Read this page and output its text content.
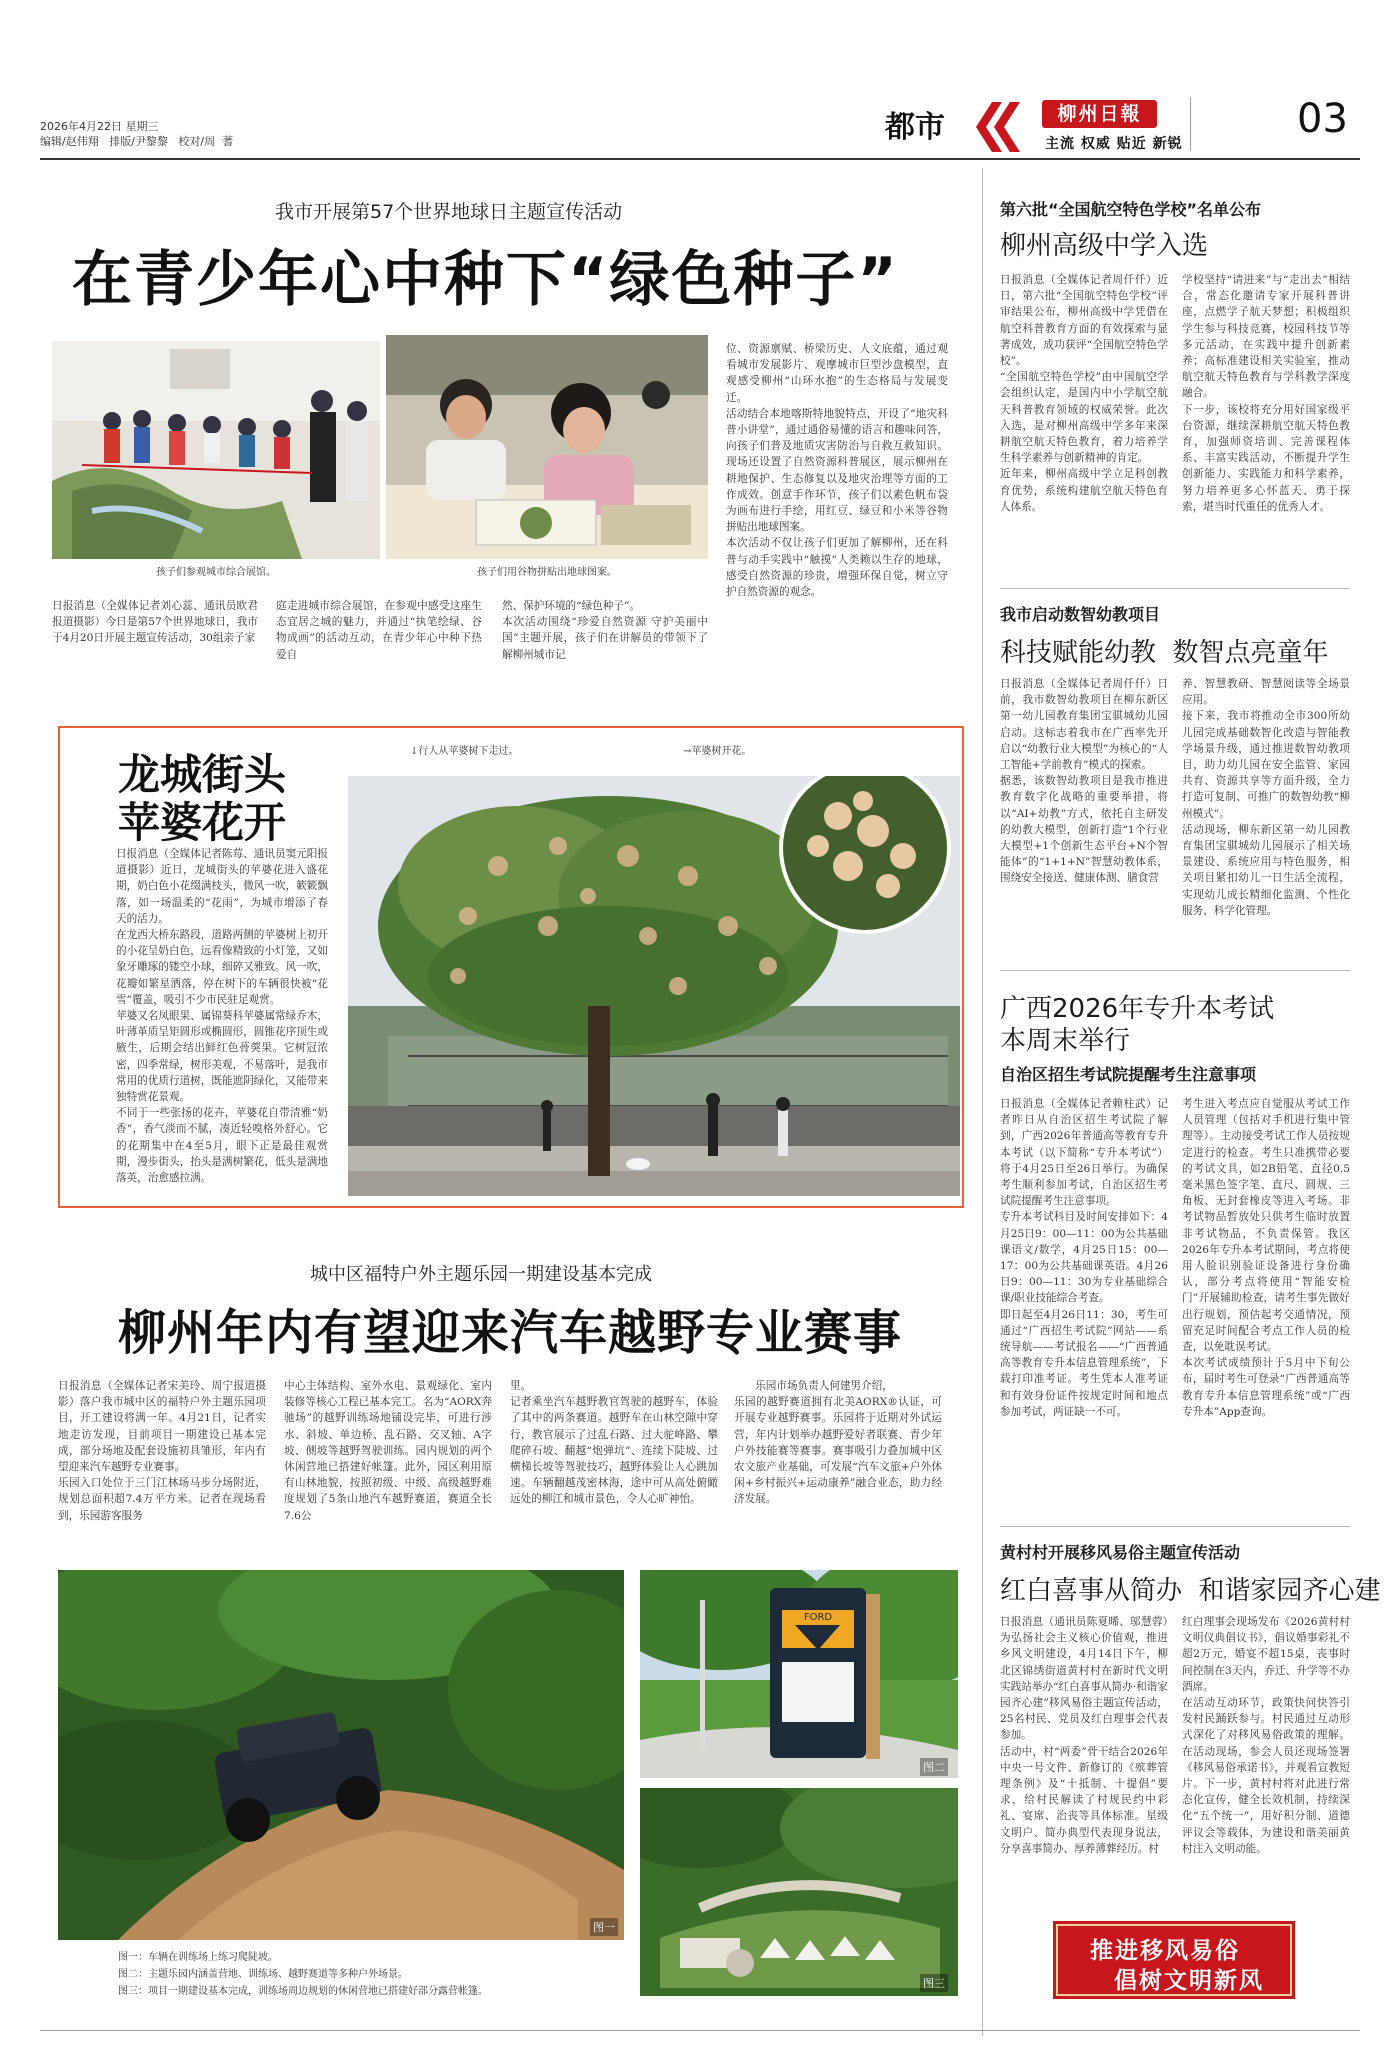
2026年4月22日 星期三
编辑/赵伟翔   排版/尹黎黎   校对/周  蓍	都市	柳州日報
主流 权威 贴近 新锐
03
我市开展第57个世界地球日主题宣传活动
在青少年心中种下“绿色种子”
孩子们参观城市综合展馆。	孩子们用谷物拼贴出地球图案。
日报消息（全媒体记者刘心蕊、通讯员欧君报道摄影）今日是第57个世界地球日，我市于4月20日开展主题宣传活动，30组亲子家
庭走进城市综合展馆，在参观中感受这座生态宜居之城的魅力，并通过“执笔绘绿、谷物成画”的活动互动，在青少年心中种下热爱自
然、保护环境的“绿色种子”。
本次活动围绕“珍爱自然资源 守护美丽中国”主题开展，孩子们在讲解员的带领下了解柳州城市记
位、资源禀赋、桥梁历史、人文底蕴，通过观看城市发展影片、观摩城市巨型沙盘模型，直观感受柳州“山环水抱”的生态格局与发展变迁。
活动结合本地喀斯特地貌特点，开设了“地灾科普小讲堂”，通过通俗易懂的语言和趣味问答，向孩子们普及地质灾害防治与自救互救知识。现场还设置了自然资源科普展区，展示柳州在耕地保护、生态修复以及地灾治理等方面的工作成效。创意手作环节，孩子们以素色帆布袋为画布进行手绘，用红豆、绿豆和小米等谷物拼贴出地球图案。
本次活动不仅让孩子们更加了解柳州，还在科普与动手实践中“触摸”人类赖以生存的地球，感受自然资源的珍贵，增强环保自觉，树立守护自然资源的观念。
第六批“全国航空特色学校”名单公布
柳州高级中学入选
日报消息（全媒体记者周仟仟）近日，第六批“全国航空特色学校”评审结果公布，柳州高级中学凭借在航空科普教育方面的有效探索与显著成效，成功获评“全国航空特色学校”。
“全国航空特色学校”由中国航空学会组织认定，是国内中小学航空航天科普教育领域的权威荣誉。此次入选，是对柳州高级中学多年来深耕航空航天特色教育，着力培养学生科学素养与创新精神的肯定。
近年来，柳州高级中学立足科创教育优势，系统构建航空航天特色育人体系。
学校坚持“请进来”与“走出去”相结合，常态化邀请专家开展科普讲座，点燃学子航天梦想；积极组织学生参与科技竞赛，校园科技节等多元活动，在实践中提升创新素养；高标准建设相关实验室，推动航空航天特色教育与学科教学深度融合。
下一步，该校将充分用好国家级平台资源，继续深耕航空航天特色教育，加强师资培训、完善课程体系、丰富实践活动，不断提升学生创新能力、实践能力和科学素养，努力培养更多心怀蓝天、勇于探索，堪当时代重任的优秀人才。
我市启动数智幼教项目
科技赋能幼教  数智点亮童年
日报消息（全媒体记者周仟仟）日前，我市数智幼教项目在柳东新区第一幼儿园教育集团宝骐城幼儿园启动。这标志着我市在广西率先开启以“幼教行业大模型”为核心的“人工智能+学前教育”模式的探索。
据悉，该数智幼教项目是我市推进教育数字化战略的重要举措，将以“AI+幼教”方式，依托自主研发的幼教大模型，创新打造“1个行业大模型+1个创新生态平台+N个智能体”的“1+1+N”智慧幼教体系，围绕安全接送、健康体测、膳食营
养、智慧教研、智慧阅读等全场景应用。
接下来，我市将推动全市300所幼儿园完成基础数智化改造与智能教学场景升级，通过推进数智幼教项目，助力幼儿园在安全监管、家园共育、资源共享等方面升级，全力打造可复制、可推广的数智幼教“柳州模式”。
活动现场，柳东新区第一幼儿园教育集团宝骐城幼儿园展示了相关场景建设、系统应用与特色服务，相关项目紧扣幼儿一日生活全流程，实现幼儿成长精细化监测、个性化服务、科学化管理。
龙城街头
苹婆花开
日报消息（全媒体记者陈莓、通讯员窦元阳报道摄影）近日，龙城街头的苹婆花进入盛花期，奶白色小花缀满枝头，微风一吹，簌簌飘落，如一场温柔的“花雨”，为城市增添了春天的活力。
在龙西大桥东路段，道路两侧的苹婆树上初开的小花呈奶白色，远看像精致的小灯笼，又如象牙雕琢的镂空小球，细碎又雅致。风一吹，花瓣如繁星洒落，停在树下的车辆很快被“花雪”覆盖，吸引不少市民驻足观赏。
苹婆又名凤眼果、属锦葵科苹婆属常绿乔木，叶薄革质呈矩圆形或椭圆形，圆锥花序顶生或腋生，后期会结出鲜红色蓇葖果。它树冠浓密，四季常绿，树形美观，不易落叶，是我市常用的优质行道树，既能遮阴绿化，又能带来独特赏花景观。
不同于一些张扬的花卉，苹婆花自带清雅“奶香”，香气淡而不腻，凑近轻嗅格外舒心。它的花期集中在4至5月，眼下正是最佳观赏期，漫步街头，抬头是满树繁花，低头是满地落英，治愈感拉满。
↓行人从苹婆树下走过。	→苹婆树开花。
广西2026年专升本考试
本周末举行
自治区招生考试院提醒考生注意事项
日报消息（全媒体记者赖柱武）记者昨日从自治区招生考试院了解到，广西2026年普通高等教育专升本考试（以下简称“专升本考试”）将于4月25日至26日举行。为确保考生顺利参加考试，自治区招生考试院提醒考生注意事项。
专升本考试科目及时间安排如下：4月25日9：00—11：00为公共基础课语文/数学，4月25日15：00—17：00为公共基础课英语。4月26日9：00—11：30为专业基础综合课/职业技能综合考查。
即日起至4月26日11：30，考生可通过“广西招生考试院”网站——系统导航——考试报名——“广西普通高等教育专升本信息管理系统”，下载打印准考证。考生凭本人准考证和有效身份证件按规定时间和地点参加考试，两证缺一不可。
考生进入考点应自觉服从考试工作人员管理（包括对手机进行集中管理等）。主动接受考试工作人员按规定进行的检查。考生只准携带必要的考试文具，如2B铅笔、直径0.5毫米黑色签字笔、直尺、圆规、三角板、无封套橡皮等进入考场。非考试物品暂放处只供考生临时放置非考试物品，不负责保管。我区2026年专升本考试期间，考点将使用人脸识别验证设备进行身份确认，部分考点将使用“智能安检门”开展辅助检查，请考生事先做好出行规划，预估起考交通情况，预留充足时间配合考点工作人员的检查，以免耽误考试。
本次考试成绩预计于5月中下旬公布，届时考生可登录“广西普通高等教育专升本信息管理系统”或“广西专升本”App查询。
城中区福特户外主题乐园一期建设基本完成
柳州年内有望迎来汽车越野专业赛事
日报消息（全媒体记者宋美玲、周宁报道摄影）落户我市城中区的福特户外主题乐园项目，开工建设将满一年。4月21日，记者实地走访发现，目前项目一期建设已基本完成，部分场地及配套设施初具雏形，年内有望迎来汽车越野专业赛事。
乐园入口处位于三门江林场马步分场附近，规划总面积超7.4万平方米。记者在现场看到，乐园游客服务
中心主体结构、室外水电、景观绿化、室内装修等核心工程已基本完工。名为“AORX奔驰场”的越野训练场地铺设完毕，可进行涉水、斜坡、单边桥、乱石路、交叉轴、A字坡、侧坡等越野驾驶训练。园内规划的两个休闲营地已搭建好帐篷。此外，园区利用原有山林地貌，按照初级、中级、高级越野难度规划了5条山地汽车越野赛道，赛道全长7.6公
里。
记者乘坐汽车越野教官驾驶的越野车，体验了其中的两条赛道。越野车在山林空隙中穿行，教官展示了过乱石路、过大驼峰路、攀爬碎石坡、翻越“炮弹坑”、连续下陡坡、过横梯长坡等驾驶技巧，越野体验让人心跳加速。车辆翻越茂密林海，途中可从高处俯瞰远处的柳江和城市景色，令人心旷神怡。

乐园市场负责人何建男介绍，

乐园的越野赛道拥有北美AORX®认证，可开展专业越野赛事。乐园将于近期对外试运营，年内计划举办越野爱好者联赛、青少年户外技能赛等赛事。赛事吸引力叠加城中区农文旅产业基础，可发展“汽车文旅+户外休闲+乡村振兴+运动康养”融合业态，助力经济发展。
图一
FORD
图二
图三
图一：车辆在训练场上练习爬陡坡。
图二：主题乐园内涵盖营地、训练场、越野赛道等多种户外场景。
图三：项目一期建设基本完成，训练场周边规划的休闲营地已搭建好部分露营帐篷。
黄村村开展移风易俗主题宣传活动
红白喜事从简办  和谐家园齐心建
日报消息（通讯员陈夏晞、邬慧蓉）为弘扬社会主义核心价值观，推进乡风文明建设，4月14日下午，柳北区锦绣街道黄村村在新时代文明实践站举办“红白喜事从简办·和谐家园齐心建”移风易俗主题宣传活动，25名村民、党员及红白理事会代表参加。
活动中，村“两委”骨干结合2026年中央一号文件、新修订的《殡葬管理条例》及“十抵制、十提倡”要求，给村民解读了村规民约中彩礼、宴席、治丧等具体标准。星级文明户、简办典型代表现身说法，分享喜事简办、厚养薄葬经历。村
红白理事会现场发布《2026黄村村文明仪典倡议书》，倡议婚事彩礼不超2万元，婚宴不超15桌，丧事时间控制在3天内，乔迁、升学等不办酒席。
在活动互动环节，政策快问快答引发村民踊跃参与。村民通过互动形式深化了对移风易俗政策的理解。在活动现场，参会人员还现场签署《移风易俗承诺书》，并观看宣教短片。下一步，黄村村将对此进行常态化宣传，健全长效机制，持续深化“五个统一”，用好积分制、道德评议会等载体，为建设和谐美丽黄村注入文明动能。
推进移风易俗
倡树文明新风
